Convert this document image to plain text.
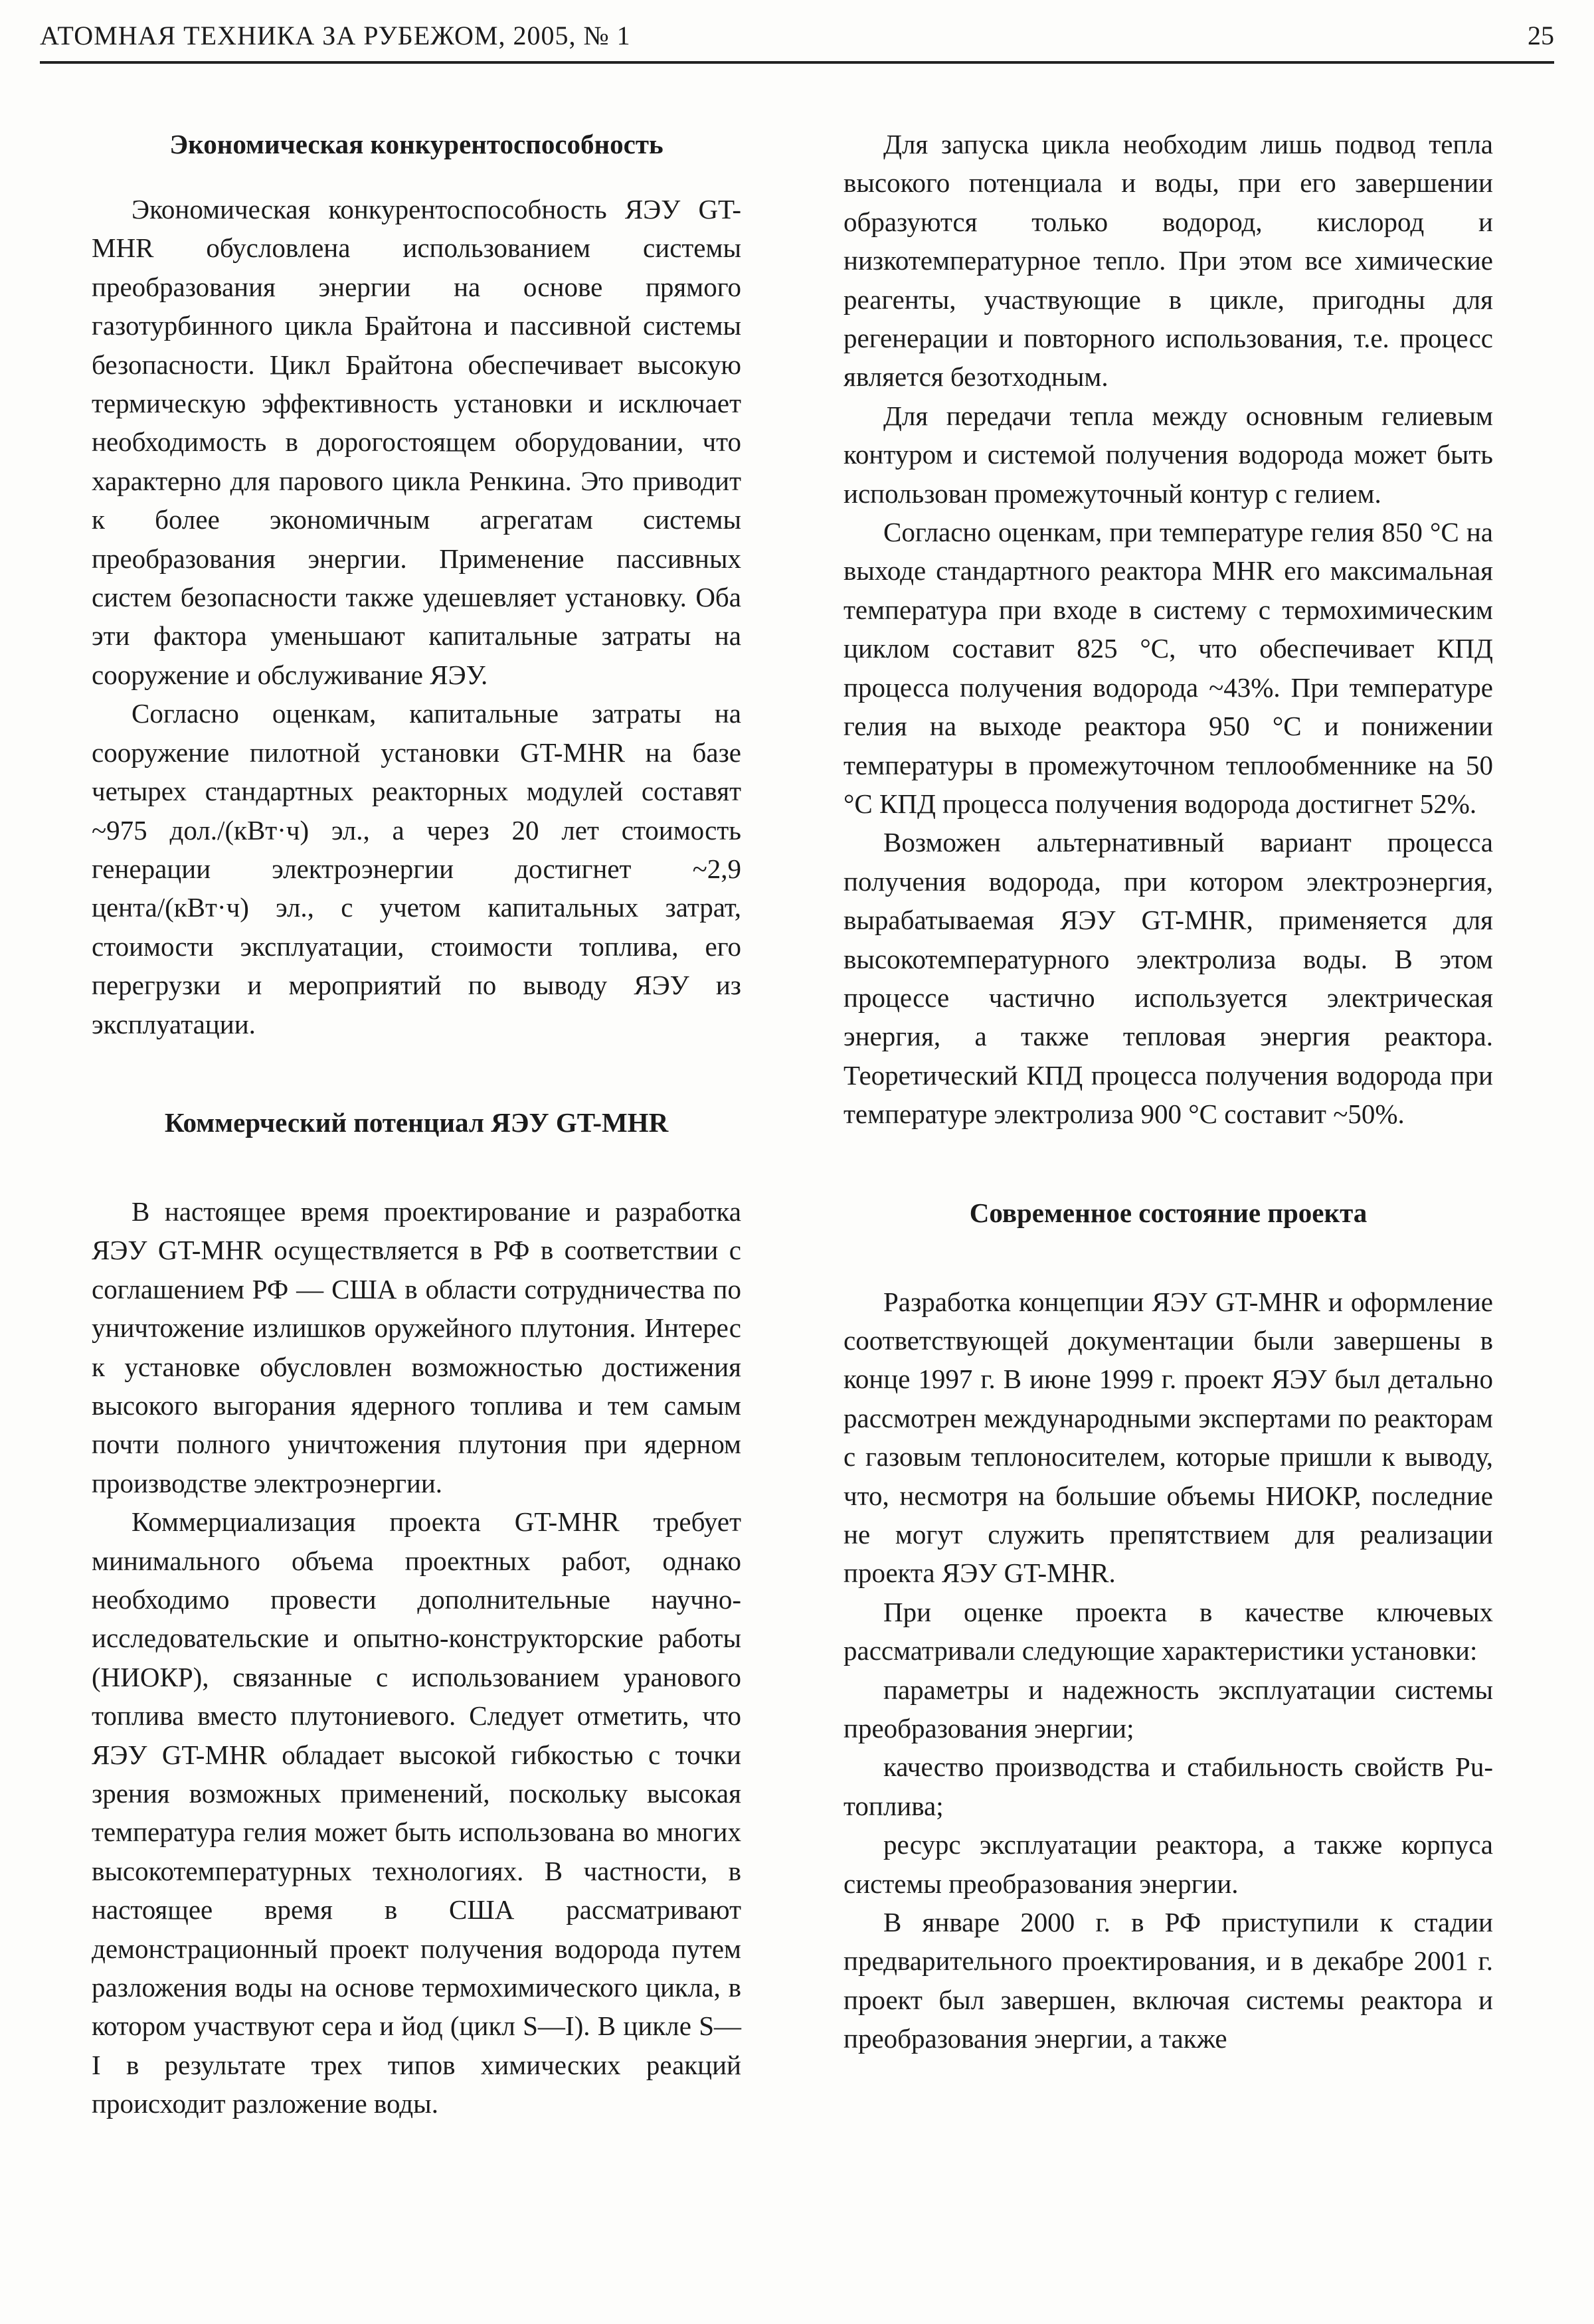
АТОМНАЯ ТЕХНИКА ЗА РУБЕЖОМ, 2005, № 1	25
Экономическая конкурентоспособность

Экономическая конкурентоспособность ЯЭУ GT-MHR обусловлена использованием системы преобразования энергии на основе прямого газотурбинного цикла Брайтона и пассивной системы безопасности. Цикл Брайтона обеспечивает высокую термическую эффективность установки и исключает необходимость в дорогостоящем оборудовании, что характерно для парового цикла Ренкина. Это приводит к более экономичным агрегатам системы преобразования энергии. Применение пассивных систем безопасности также удешевляет установку. Оба эти фактора уменьшают капитальные затраты на сооружение и обслуживание ЯЭУ.

Согласно оценкам, капитальные затраты на сооружение пилотной установки GT-MHR на базе четырех стандартных реакторных модулей составят ~975 дол./(кВт·ч) эл., а через 20 лет стоимость генерации электроэнергии достигнет ~2,9 цента/(кВт·ч) эл., с учетом капитальных затрат, стоимости эксплуатации, стоимости топлива, его перегрузки и мероприятий по выводу ЯЭУ из эксплуатации.

Коммерческий потенциал ЯЭУ GT-MHR

В настоящее время проектирование и разработка ЯЭУ GT-MHR осуществляется в РФ в соответствии с соглашением РФ — США в области сотрудничества по уничтожение излишков оружейного плутония. Интерес к установке обусловлен возможностью достижения высокого выгорания ядерного топлива и тем самым почти полного уничтожения плутония при ядерном производстве электроэнергии.

Коммерциализация проекта GT-MHR требует минимального объема проектных работ, однако необходимо провести дополнительные научно-исследовательские и опытно-конструкторские работы (НИОКР), связанные с использованием уранового топлива вместо плутониевого. Следует отметить, что ЯЭУ GT-MHR обладает высокой гибкостью с точки зрения возможных применений, поскольку высокая температура гелия может быть использована во многих высокотемпературных технологиях. В частности, в настоящее время в США рассматривают демонстрационный проект получения водорода путем разложения воды на основе термохимического цикла, в котором участвуют сера и йод (цикл S—I). В цикле S—I в результате трех типов химических реакций происходит разложение воды.

Для запуска цикла необходим лишь подвод тепла высокого потенциала и воды, при его завершении образуются только водород, кислород и низкотемпературное тепло. При этом все химические реагенты, участвующие в цикле, пригодны для регенерации и повторного использования, т.е. процесс является безотходным.

Для передачи тепла между основным гелиевым контуром и системой получения водорода может быть использован промежуточный контур с гелием.

Согласно оценкам, при температуре гелия 850 °С на выходе стандартного реактора MHR его максимальная температура при входе в систему с термохимическим циклом составит 825 °С, что обеспечивает КПД процесса получения водорода ~43%. При температуре гелия на выходе реактора 950 °С и понижении температуры в промежуточном теплообменнике на 50 °С КПД процесса получения водорода достигнет 52%.

Возможен альтернативный вариант процесса получения водорода, при котором электроэнергия, вырабатываемая ЯЭУ GT-MHR, применяется для высокотемпературного электролиза воды. В этом процессе частично используется электрическая энергия, а также тепловая энергия реактора. Теоретический КПД процесса получения водорода при температуре электролиза 900 °С составит ~50%.

Современное состояние проекта

Разработка концепции ЯЭУ GT-MHR и оформление соответствующей документации были завершены в конце 1997 г. В июне 1999 г. проект ЯЭУ был детально рассмотрен международными экспертами по реакторам с газовым теплоносителем, которые пришли к выводу, что, несмотря на большие объемы НИОКР, последние не могут служить препятствием для реализации проекта ЯЭУ GT-MHR.

При оценке проекта в качестве ключевых рассматривали следующие характеристики установки:

параметры и надежность эксплуатации системы преобразования энергии;

качество производства и стабильность свойств Pu-топлива;

ресурс эксплуатации реактора, а также корпуса системы преобразования энергии.

В январе 2000 г. в РФ приступили к стадии предварительного проектирования, и в декабре 2001 г. проект был завершен, включая системы реактора и преобразования энергии, а также
